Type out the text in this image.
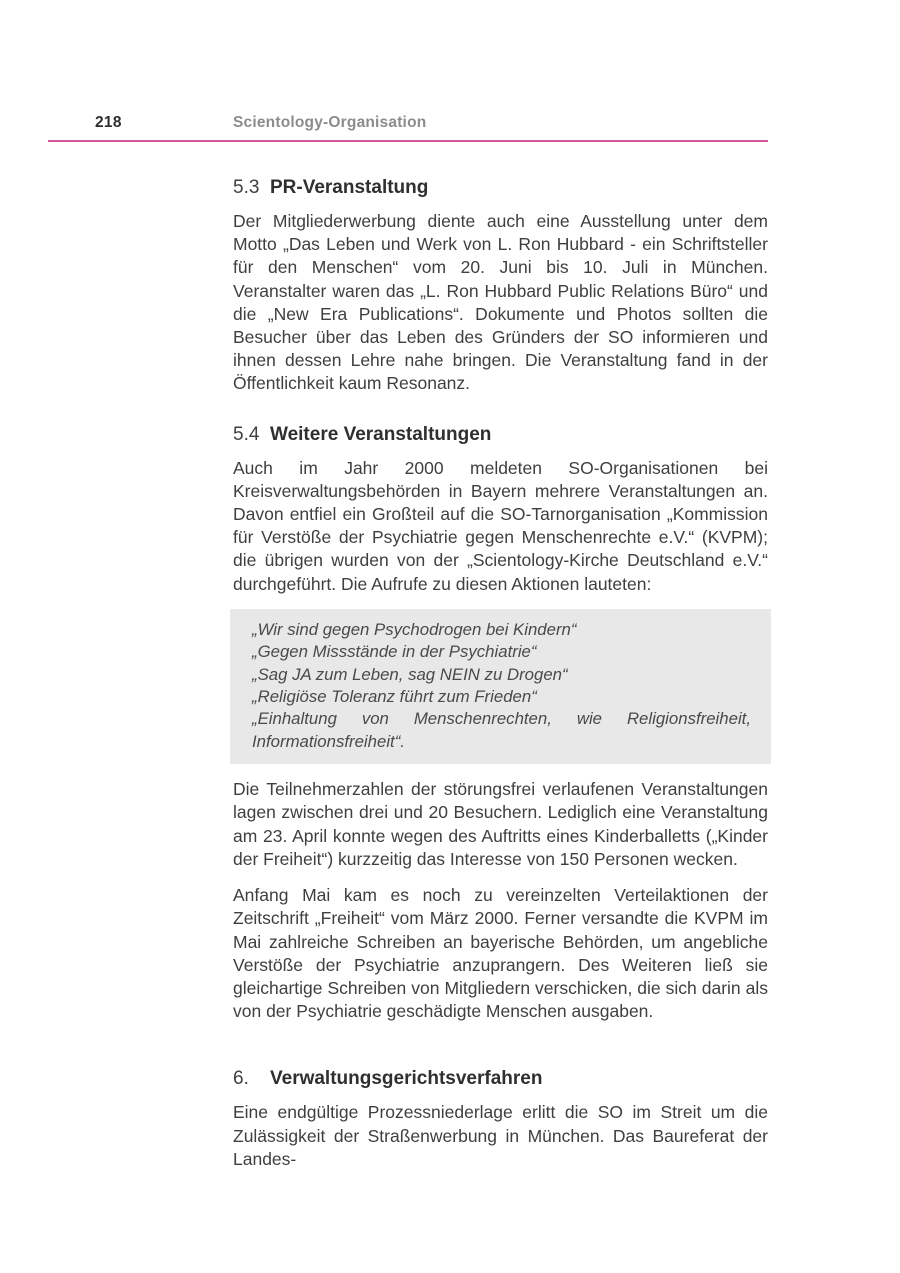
218	Scientology-Organisation
5.3 PR-Veranstaltung

Der Mitgliederwerbung diente auch eine Ausstellung unter dem Motto „Das Leben und Werk von L. Ron Hubbard - ein Schriftsteller für den Menschen“ vom 20. Juni bis 10. Juli in München. Veranstalter waren das „L. Ron Hubbard Public Relations Büro“ und die „New Era Publications“. Dokumente und Photos sollten die Besucher über das Leben des Gründers der SO informieren und ihnen dessen Lehre nahe bringen. Die Veranstaltung fand in der Öffentlichkeit kaum Resonanz.

5.4 Weitere Veranstaltungen

Auch im Jahr 2000 meldeten SO-Organisationen bei Kreisverwaltungsbehörden in Bayern mehrere Veranstaltungen an. Davon entfiel ein Großteil auf die SO-Tarnorganisation „Kommission für Verstöße der Psychiatrie gegen Menschenrechte e.V.“ (KVPM); die übrigen wurden von der „Scientology-Kirche Deutschland e.V.“ durchgeführt. Die Aufrufe zu diesen Aktionen lauteten:

„Wir sind gegen Psychodrogen bei Kindern“
„Gegen Missstände in der Psychiatrie“
„Sag JA zum Leben, sag NEIN zu Drogen“
„Religiöse Toleranz führt zum Frieden“
„Einhaltung von Menschenrechten, wie Religionsfreiheit, Informationsfreiheit“.

Die Teilnehmerzahlen der störungsfrei verlaufenen Veranstaltungen lagen zwischen drei und 20 Besuchern. Lediglich eine Veranstaltung am 23. April konnte wegen des Auftritts eines Kinderballetts („Kinder der Freiheit“) kurzzeitig das Interesse von 150 Personen wecken.

Anfang Mai kam es noch zu vereinzelten Verteilaktionen der Zeitschrift „Freiheit“ vom März 2000. Ferner versandte die KVPM im Mai zahlreiche Schreiben an bayerische Behörden, um angebliche Verstöße der Psychiatrie anzuprangern. Des Weiteren ließ sie gleichartige Schreiben von Mitgliedern verschicken, die sich darin als von der Psychiatrie geschädigte Menschen ausgaben.

6. Verwaltungsgerichtsverfahren

Eine endgültige Prozessniederlage erlitt die SO im Streit um die Zulässigkeit der Straßenwerbung in München. Das Baureferat der Landes-
